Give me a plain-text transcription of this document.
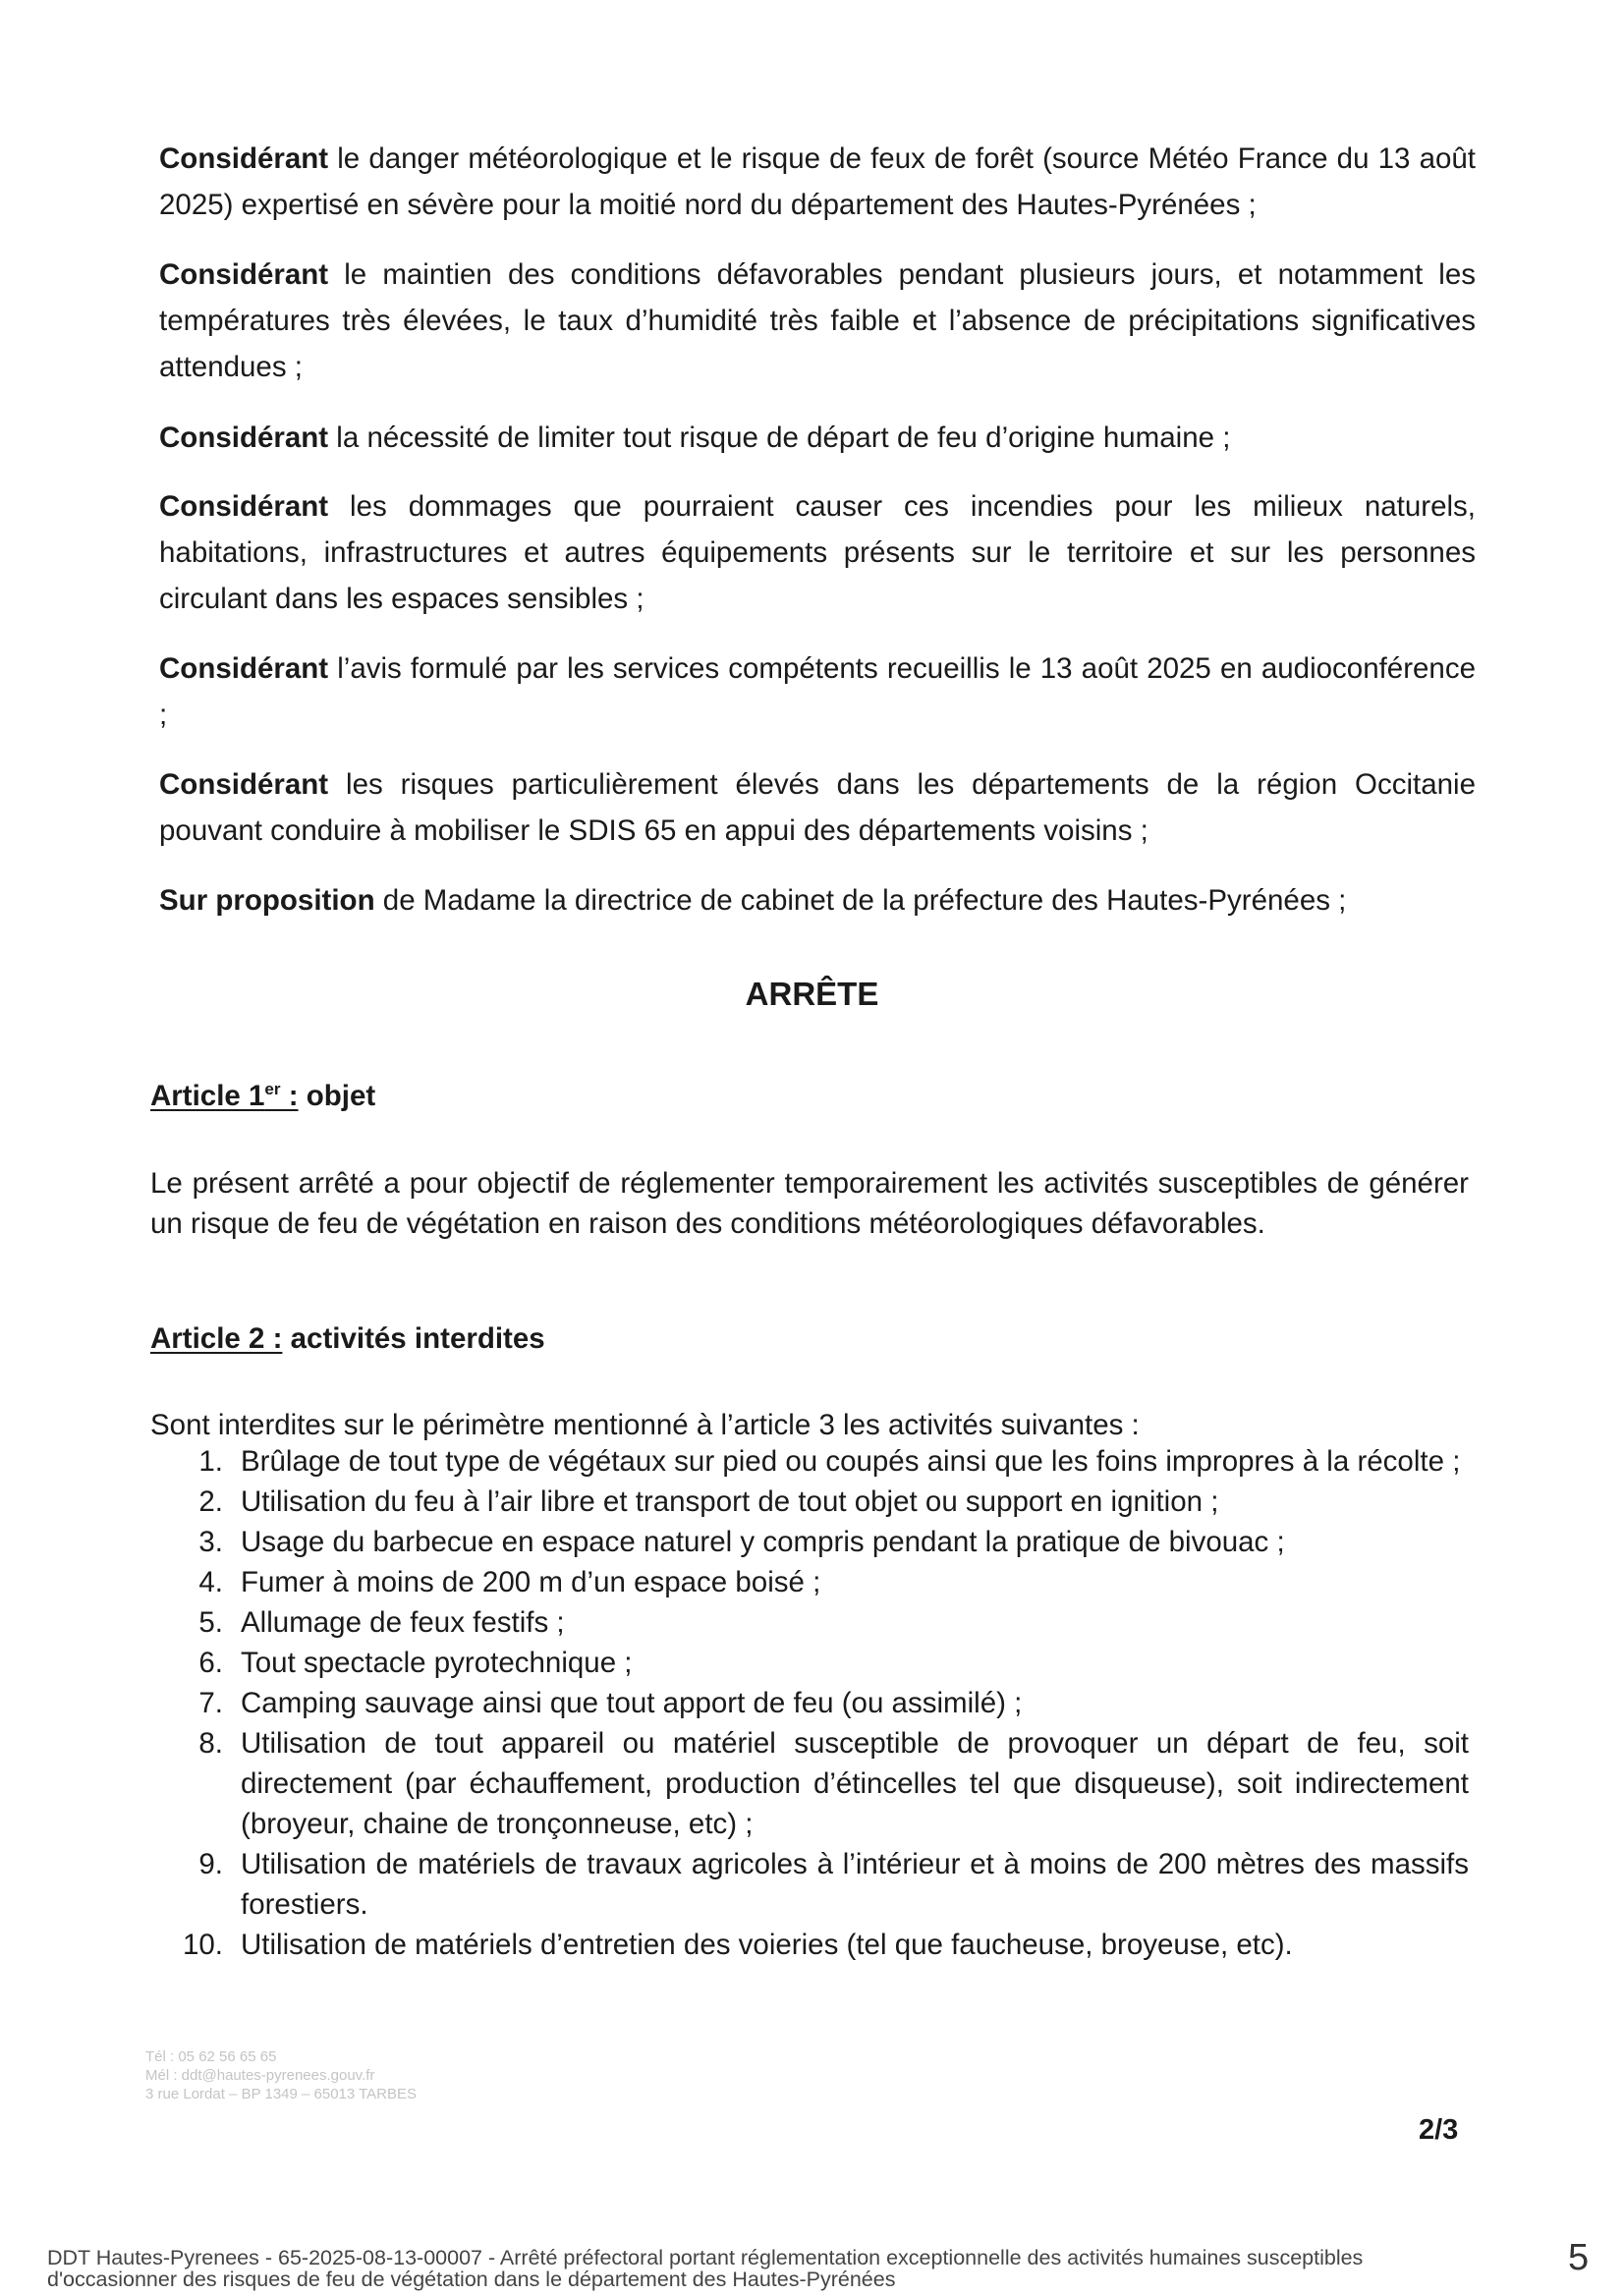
Considérant le danger météorologique et le risque de feux de forêt (source Météo France du 13 août 2025) expertisé en sévère pour la moitié nord du département des Hautes-Pyrénées ;

Considérant le maintien des conditions défavorables pendant plusieurs jours, et notamment les températures très élevées, le taux d’humidité très faible et l’absence de précipitations significatives attendues ;

Considérant la nécessité de limiter tout risque de départ de feu d’origine humaine ;

Considérant les dommages que pourraient causer ces incendies pour les milieux naturels, habitations, infrastructures et autres équipements présents sur le territoire et sur les personnes circulant dans les espaces sensibles ;

Considérant l’avis formulé par les services compétents recueillis le 13 août 2025 en audioconférence ;

Considérant les risques particulièrement élevés dans les départements de la région Occitanie pouvant conduire à mobiliser le SDIS 65 en appui des départements voisins ;

Sur proposition de Madame la directrice de cabinet de la préfecture des Hautes-Pyrénées ;

ARRÊTE

Article 1er : objet

Le présent arrêté a pour objectif de réglementer temporairement les activités susceptibles de générer un risque de feu de végétation en raison des conditions météorologiques défavorables.

Article 2 : activités interdites

Sont interdites sur le périmètre mentionné à l’article 3 les activités suivantes :

1. Brûlage de tout type de végétaux sur pied ou coupés ainsi que les foins impropres à la récolte ;
2. Utilisation du feu à l’air libre et transport de tout objet ou support en ignition ;
3. Usage du barbecue en espace naturel y compris pendant la pratique de bivouac ;
4. Fumer à moins de 200 m d’un espace boisé ;
5. Allumage de feux festifs ;
6. Tout spectacle pyrotechnique ;
7. Camping sauvage ainsi que tout apport de feu (ou assimilé) ;
8. Utilisation de tout appareil ou matériel susceptible de provoquer un départ de feu, soit directement (par échauffement, production d’étincelles tel que disqueuse), soit indirectement (broyeur, chaine de tronçonneuse, etc) ;
9. Utilisation de matériels de travaux agricoles à l’intérieur et à moins de 200 mètres des massifs forestiers.
10. Utilisation de matériels d’entretien des voieries (tel que faucheuse, broyeuse, etc).
Tél : 05 62 56 65 65
Mél : ddt@hautes-pyrenees.gouv.fr
3 rue Lordat – BP 1349 – 65013 TARBES
2/3
DDT Hautes-Pyrenees - 65-2025-08-13-00007 - Arrêté préfectoral portant réglementation exceptionnelle des activités humaines susceptibles d'occasionner des risques de feu de végétation dans le département des Hautes-Pyrénées
5
